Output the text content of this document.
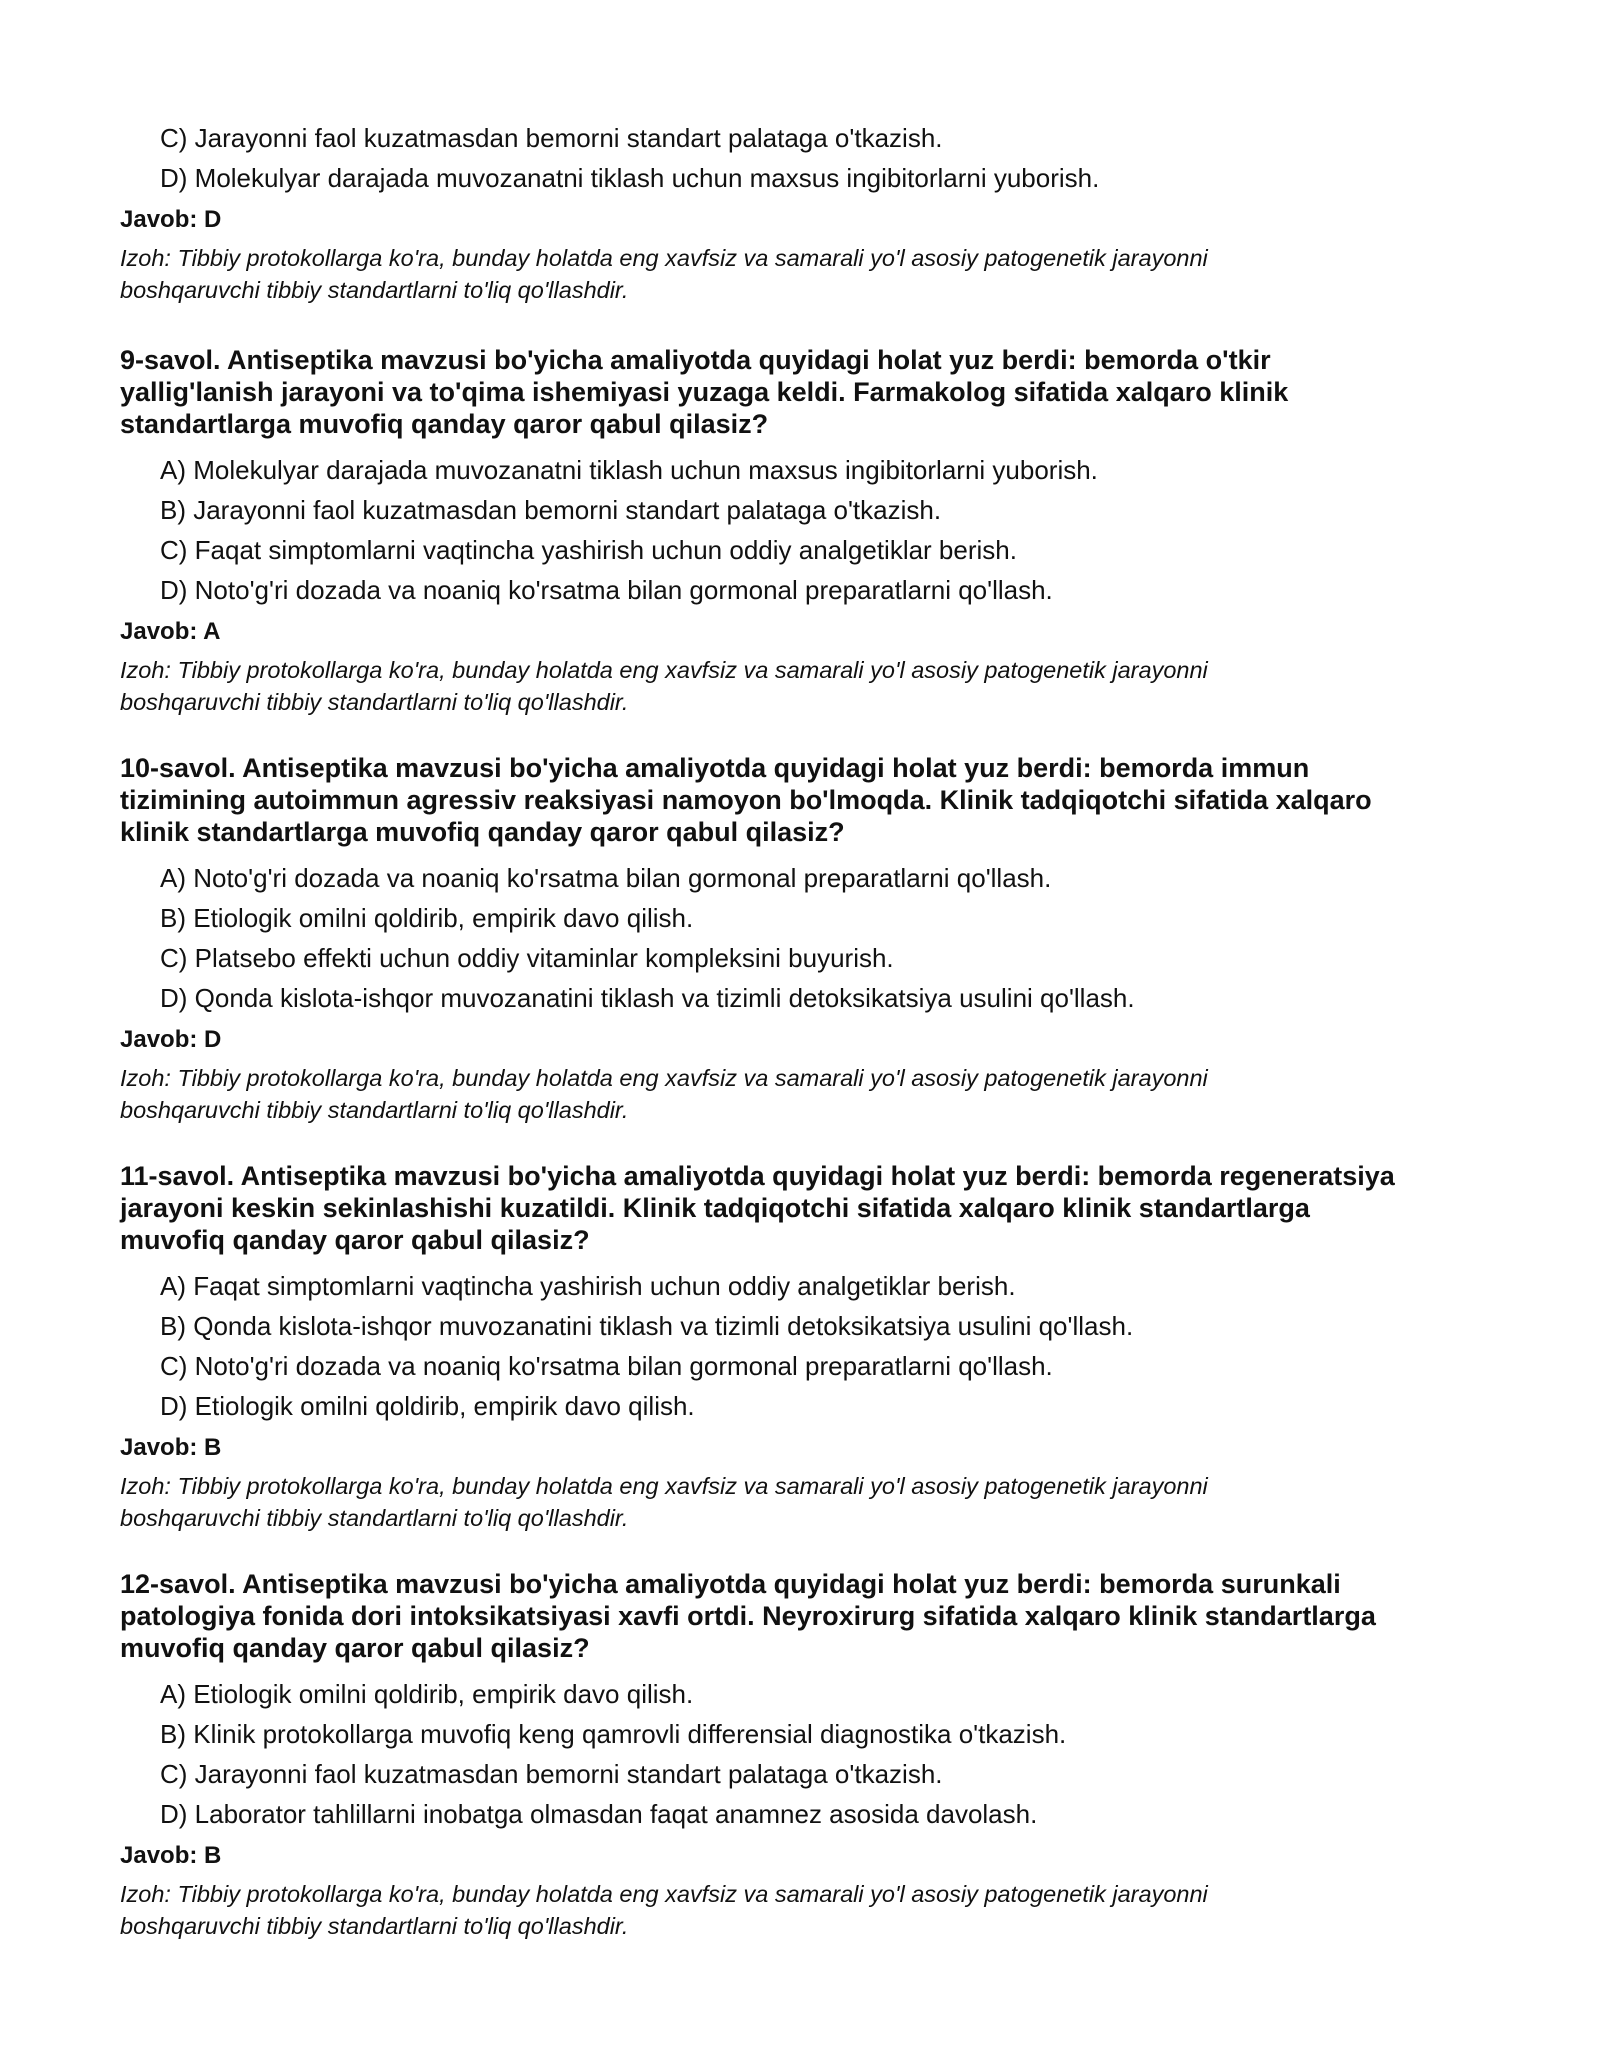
C) Jarayonni faol kuzatmasdan bemorni standart palataga o'tkazish.
D) Molekulyar darajada muvozanatni tiklash uchun maxsus ingibitorlarni yuborish.
Javob: D
Izoh: Tibbiy protokollarga ko'ra, bunday holatda eng xavfsiz va samarali yo'l asosiy patogenetik jarayonni
boshqaruvchi tibbiy standartlarni to'liq qo'llashdir.
9-savol. Antiseptika mavzusi bo'yicha amaliyotda quyidagi holat yuz berdi: bemorda o'tkir
yallig'lanish jarayoni va to'qima ishemiyasi yuzaga keldi. Farmakolog sifatida xalqaro klinik
standartlarga muvofiq qanday qaror qabul qilasiz?
A) Molekulyar darajada muvozanatni tiklash uchun maxsus ingibitorlarni yuborish.
B) Jarayonni faol kuzatmasdan bemorni standart palataga o'tkazish.
C) Faqat simptomlarni vaqtincha yashirish uchun oddiy analgetiklar berish.
D) Noto'g'ri dozada va noaniq ko'rsatma bilan gormonal preparatlarni qo'llash.
Javob: A
Izoh: Tibbiy protokollarga ko'ra, bunday holatda eng xavfsiz va samarali yo'l asosiy patogenetik jarayonni
boshqaruvchi tibbiy standartlarni to'liq qo'llashdir.
10-savol. Antiseptika mavzusi bo'yicha amaliyotda quyidagi holat yuz berdi: bemorda immun
tizimining autoimmun agressiv reaksiyasi namoyon bo'lmoqda. Klinik tadqiqotchi sifatida xalqaro
klinik standartlarga muvofiq qanday qaror qabul qilasiz?
A) Noto'g'ri dozada va noaniq ko'rsatma bilan gormonal preparatlarni qo'llash.
B) Etiologik omilni qoldirib, empirik davo qilish.
C) Platsebo effekti uchun oddiy vitaminlar kompleksini buyurish.
D) Qonda kislota-ishqor muvozanatini tiklash va tizimli detoksikatsiya usulini qo'llash.
Javob: D
Izoh: Tibbiy protokollarga ko'ra, bunday holatda eng xavfsiz va samarali yo'l asosiy patogenetik jarayonni
boshqaruvchi tibbiy standartlarni to'liq qo'llashdir.
11-savol. Antiseptika mavzusi bo'yicha amaliyotda quyidagi holat yuz berdi: bemorda regeneratsiya
jarayoni keskin sekinlashishi kuzatildi. Klinik tadqiqotchi sifatida xalqaro klinik standartlarga
muvofiq qanday qaror qabul qilasiz?
A) Faqat simptomlarni vaqtincha yashirish uchun oddiy analgetiklar berish.
B) Qonda kislota-ishqor muvozanatini tiklash va tizimli detoksikatsiya usulini qo'llash.
C) Noto'g'ri dozada va noaniq ko'rsatma bilan gormonal preparatlarni qo'llash.
D) Etiologik omilni qoldirib, empirik davo qilish.
Javob: B
Izoh: Tibbiy protokollarga ko'ra, bunday holatda eng xavfsiz va samarali yo'l asosiy patogenetik jarayonni
boshqaruvchi tibbiy standartlarni to'liq qo'llashdir.
12-savol. Antiseptika mavzusi bo'yicha amaliyotda quyidagi holat yuz berdi: bemorda surunkali
patologiya fonida dori intoksikatsiyasi xavfi ortdi. Neyroxirurg sifatida xalqaro klinik standartlarga
muvofiq qanday qaror qabul qilasiz?
A) Etiologik omilni qoldirib, empirik davo qilish.
B) Klinik protokollarga muvofiq keng qamrovli differensial diagnostika o'tkazish.
C) Jarayonni faol kuzatmasdan bemorni standart palataga o'tkazish.
D) Laborator tahlillarni inobatga olmasdan faqat anamnez asosida davolash.
Javob: B
Izoh: Tibbiy protokollarga ko'ra, bunday holatda eng xavfsiz va samarali yo'l asosiy patogenetik jarayonni
boshqaruvchi tibbiy standartlarni to'liq qo'llashdir.
